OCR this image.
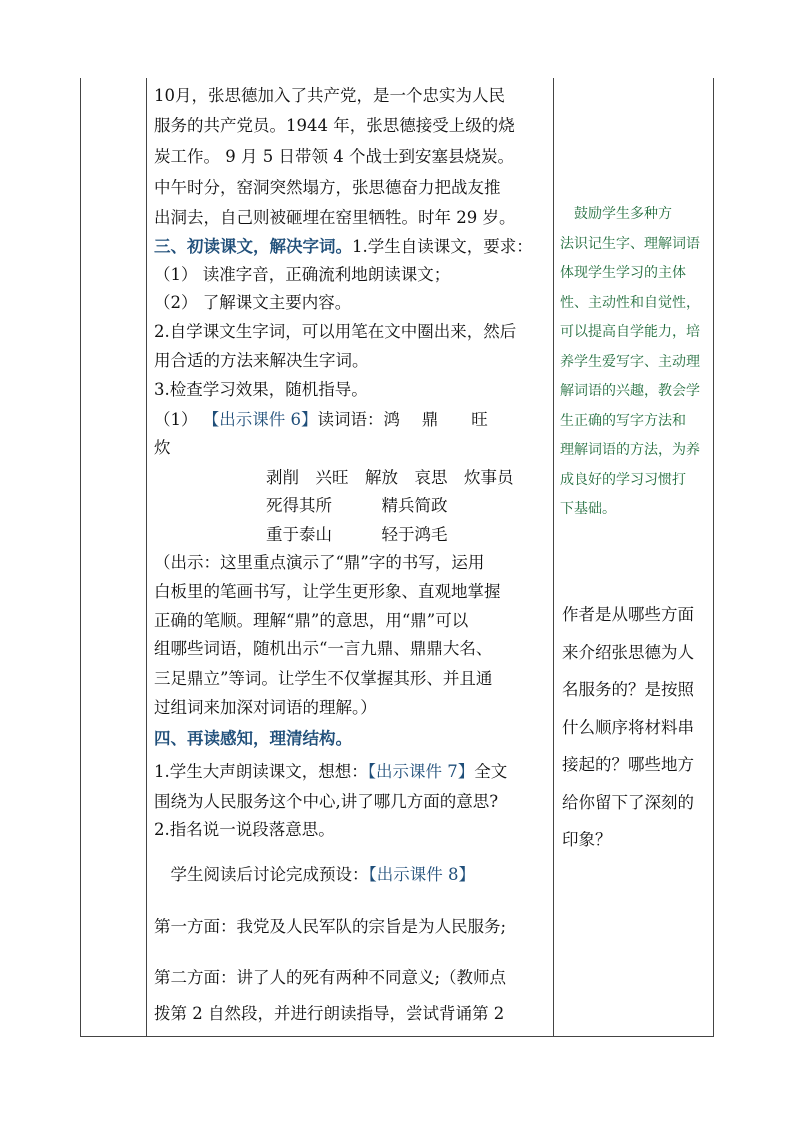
10月，张思德加入了共产党，是一个忠实为人民
服务的共产党员。1944 年，张思德接受上级的烧
炭工作。 9 月 5 日带领 4 个战士到安塞县烧炭。
中午时分，窑洞突然塌方，张思德奋力把战友推
出洞去，自己则被砸埋在窑里牺牲。时年 29 岁。
三、初读课文，解决字词。1.学生自读课文，要求：
（1） 读准字音，正确流利地朗读课文；
（2） 了解课文主要内容。
2.自学课文生字词，可以用笔在文中圈出来，然后
用合适的方法来解决生字词。
3.检查学习效果，随机指导。
（1） 【出示课件 6】读词语：鸿　 鼎　　旺
炊
剥削　兴旺　解放　哀思　炊事员
死得其所　　　精兵简政
重于泰山　　　轻于鸿毛
（出示：这里重点演示了“鼎”字的书写，运用
白板里的笔画书写，让学生更形象、直观地掌握
正确的笔顺。理解“鼎”的意思，用“鼎”可以
组哪些词语，随机出示“一言九鼎、鼎鼎大名、
三足鼎立”等词。让学生不仅掌握其形、并且通
过组词来加深对词语的理解。）
四、再读感知，理清结构。
1.学生大声朗读课文，想想：【出示课件 7】全文
围绕为人民服务这个中心,讲了哪几方面的意思?
2.指名说一说段落意思。
　学生阅读后讨论完成预设：【出示课件 8】
第一方面：我党及人民军队的宗旨是为人民服务;
第二方面：讲了人的死有两种不同意义;（教师点
拨第 2 自然段，并进行朗读指导，尝试背诵第 2
　鼓励学生多种方
法识记生字、理解词语
体现学生学习的主体
性、主动性和自觉性，
可以提高自学能力，培
养学生爱写字、主动理
解词语的兴趣，教会学
生正确的写字方法和
理解词语的方法，为养
成良好的学习习惯打
下基础。
作者是从哪些方面
来介绍张思德为人
名服务的？是按照
什么顺序将材料串
接起的？哪些地方
给你留下了深刻的
印象？
